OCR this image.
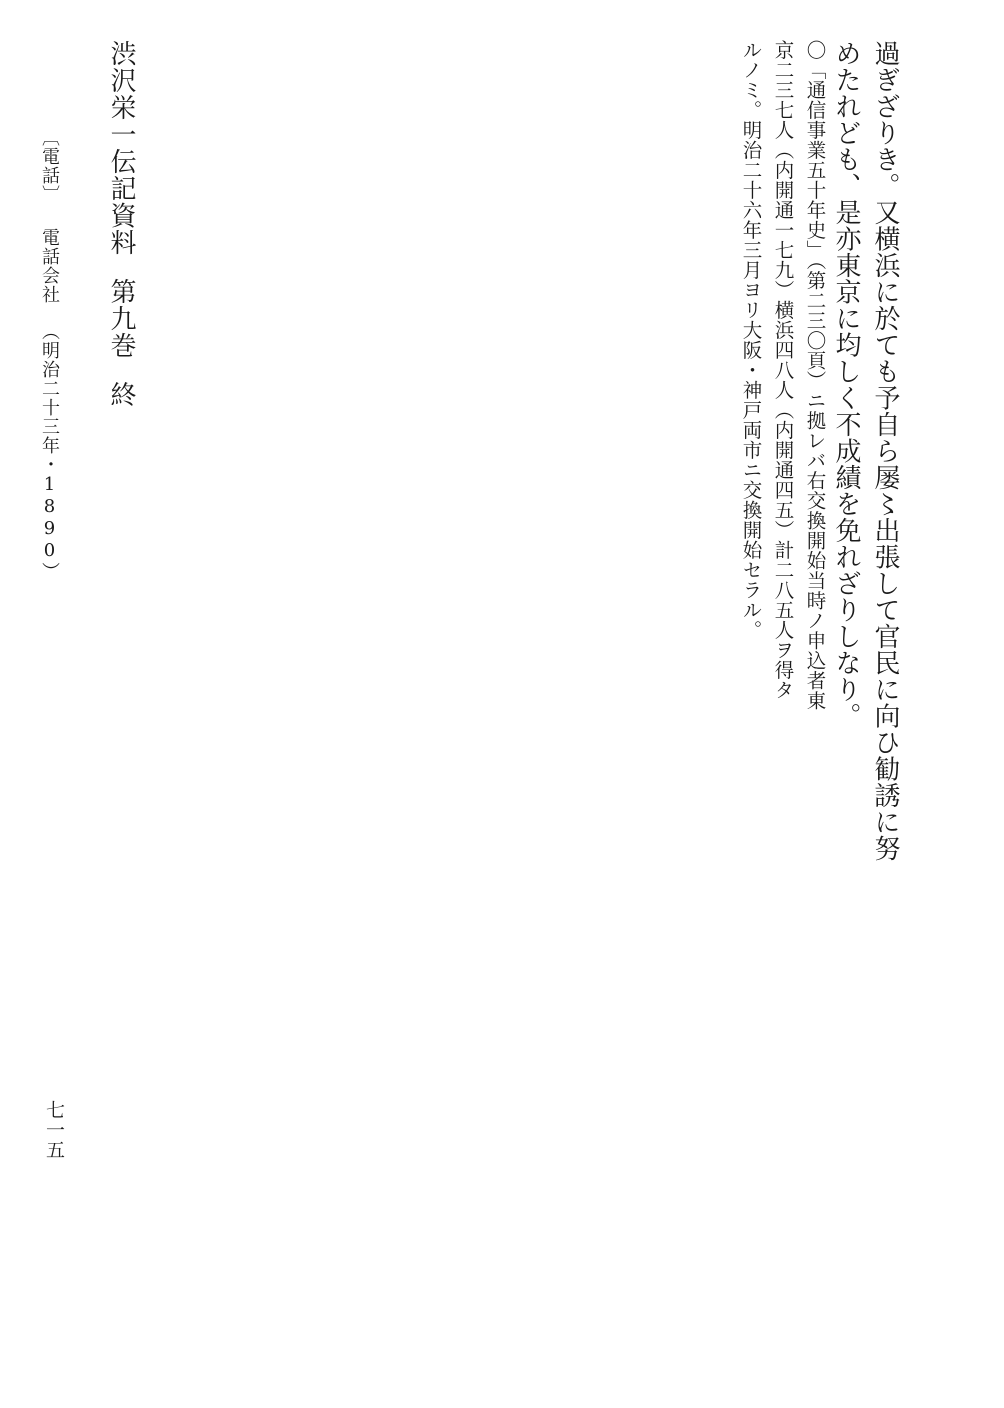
過ぎざりき。又横浜に於ても予自ら屡〻出張して官民に向ひ勧誘に努
めたれども、是亦東京に均しく不成績を免れざりしなり。
〇「通信事業五十年史」（第二三〇頁）ニ拠レバ右交換開始当時ノ申込者東
京二三七人（内開通一七九）横浜四八人（内開通四五）計二八五人ヲ得タ
ルノミ。明治二十六年三月ヨリ大阪・神戸両市ニ交換開始セラル。
渋沢栄一伝記資料第九巻終
〔電話〕電話会社（明治二十三年・1890）
七一五
